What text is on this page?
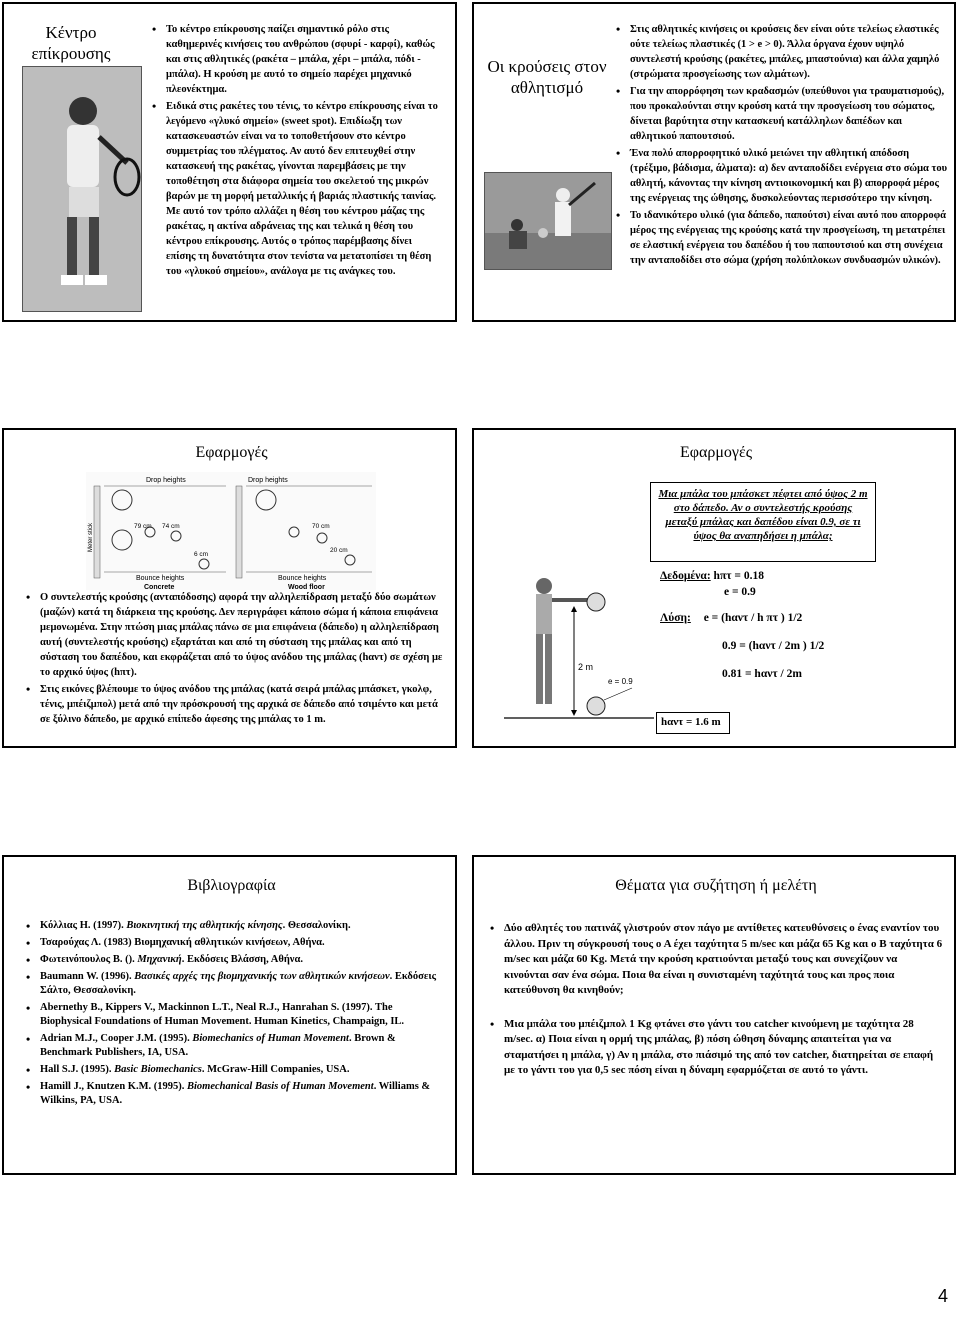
Κέντρο επίκρουσης
• Το κέντρο επίκρουσης παίζει σημαντικό ρόλο στις καθημερινές κινήσεις του ανθρώπου (σφυρί - καρφί), καθώς και στις αθλητικές (ρακέτα – μπάλα, χέρι – μπάλα, πόδι - μπάλα). Η κρούση με αυτό το σημείο παρέχει μηχανικό πλεονέκτημα.
• Ειδικά στις ρακέτες του τένις, το κέντρο επίκρουσης είναι το λεγόμενο «γλυκό σημείο» (sweet spot). Επιδίωξη των κατασκευαστών είναι να το τοποθετήσουν στο κέντρο συμμετρίας του πλέγματος. Αν αυτό δεν επιτευχθεί στην κατασκευή της ρακέτας, γίνονται παρεμβάσεις με την τοποθέτηση στα διάφορα σημεία του σκελετού της μικρών βαρών με τη μορφή μεταλλικής ή βαριάς πλαστικής ταινίας. Με αυτό τον τρόπο αλλάζει η θέση του κέντρου μάζας της ρακέτας, η ακτίνα αδράνειας της και τελικά η θέση του κέντρου επίκρουσης. Αυτός ο τρόπος παρέμβασης δίνει επίσης τη δυνατότητα στον τενίστα να μετατοπίσει τη θέση του «γλυκού σημείου», ανάλογα με τις ανάγκες του.
Οι κρούσεις στον αθλητισμό
• Στις αθλητικές κινήσεις οι κρούσεις δεν είναι ούτε τελείως ελαστικές ούτε τελείως πλαστικές (1 > e > 0). Άλλα όργανα έχουν υψηλό συντελεστή κρούσης (ρακέτες, μπάλες, μπαστούνια) και άλλα χαμηλό (στρώματα προσγείωσης των αλμάτων).
• Για την απορρόφηση των κραδασμών (υπεύθυνοι για τραυματισμούς), που προκαλούνται στην κρούση κατά την προσγείωση του σώματος, δίνεται βαρύτητα στην κατασκευή κατάλληλων δαπέδων και αθλητικού παπουτσιού.
• Ένα πολύ απορροφητικό υλικό μειώνει την αθλητική απόδοση (τρέξιμο, βάδισμα, άλματα): α) δεν ανταποδίδει ενέργεια στο σώμα του αθλητή, κάνοντας την κίνηση αντιοικονομική και β) απορροφά μέρος της ενέργειας της ώθησης, δυσκολεύοντας περισσότερο την κίνηση.
• Το ιδανικότερο υλικό (για δάπεδο, παπούτσι) είναι αυτό που απορροφά μέρος της ενέργειας της κρούσης κατά την προσγείωση, τη μετατρέπει σε ελαστική ενέργεια του δαπέδου ή του παπουτσιού και στη συνέχεια την ανταποδίδει στο σώμα (χρήση πολύπλοκων συνδυασμών υλικών).
Εφαρμογές
Meter stick
Drop heights
79 cm 74 cm
6 cm
Bounce heights
Concrete
Drop heights
70 cm
20 cm
Bounce heights
Wood floor
• Ο συντελεστής κρούσης (ανταπόδοσης) αφορά την αλληλεπίδραση μεταξύ δύο σωμάτων (μαζών) κατά τη διάρκεια της κρούσης. Δεν περιγράφει κάποιο σώμα ή κάποια επιφάνεια μεμονωμένα. Στην πτώση μιας μπάλας πάνω σε μια επιφάνεια (δάπεδο) η αλληλεπίδραση αυτή (συντελεστής κρούσης) εξαρτάται και από τη σύσταση της μπάλας και από τη σύσταση του δαπέδου, και εκφράζεται από το ύψος ανόδου της μπάλας (hαντ) σε σχέση με το αρχικό ύψος (hπτ).
• Στις εικόνες βλέπουμε το ύψος ανόδου της μπάλας (κατά σειρά μπάλας μπάσκετ, γκολφ, τένις, μπέιζμπολ) μετά από την πρόσκρουσή της αρχικά σε δάπεδο από τσιμέντο και μετά σε ξύλινο δάπεδο, με αρχικό επίπεδο άφεσης της μπάλας το 1 m.
Εφαρμογές
Μια μπάλα του μπάσκετ πέφτει από ύψος 2 m στο δάπεδο. Αν ο συντελεστής κρούσης μεταξύ μπάλας και δαπέδου είναι 0.9, σε τι ύψος θα αναπηδήσει η μπάλα;
2 m
e = 0.9
Δεδομένα: hπτ = 0.18
e = 0.9
Λύση: e = (hαντ / h πτ ) 1/2
0.9 = (hαντ / 2m ) 1/2
0.81 = hαντ / 2m
hαντ = 1.6 m
Βιβλιογραφία
• Κόλλιας Η. (1997). Βιοκινητική της αθλητικής κίνησης. Θεσσαλονίκη.
• Τσαρούχας Λ. (1983) Βιομηχανική αθλητικών κινήσεων, Αθήνα.
• Φωτεινόπουλος Β. (). Μηχανική. Εκδόσεις Βλάσση, Αθήνα.
• Baumann W. (1996). Βασικές αρχές της βιομηχανικής των αθλητικών κινήσεων. Εκδόσεις Σάλτο, Θεσσαλονίκη.
• Abernethy B., Kippers V., Mackinnon L.T., Neal R.J., Hanrahan S. (1997). The Biophysical Foundations of Human Movement. Human Kinetics, Champaign, IL.
• Adrian M.J., Cooper J.M. (1995). Biomechanics of Human Movement. Brown & Benchmark Publishers, IA, USA.
• Hall S.J. (1995). Basic Biomechanics. McGraw-Hill Companies, USA.
• Hamill J., Knutzen K.M. (1995). Biomechanical Basis of Human Movement. Williams & Wilkins, PA, USA.
Θέματα για συζήτηση ή μελέτη
• Δύο αθλητές του πατινάζ γλιστρούν στον πάγο με αντίθετες κατευθύνσεις ο ένας εναντίον του άλλου. Πριν τη σύγκρουσή τους ο Α έχει ταχύτητα 5 m/sec και μάζα 65 Kg και ο Β ταχύτητα 6 m/sec και μάζα 60 Kg. Μετά την κρούση κρατιούνται μεταξύ τους και συνεχίζουν να κινούνται σαν ένα σώμα. Ποια θα είναι η συνισταμένη ταχύτητά τους και προς ποια κατεύθυνση θα κινηθούν;
• Μια μπάλα του μπέιζμπολ 1 Kg φτάνει στο γάντι του catcher κινούμενη με ταχύτητα 28 m/sec. α) Ποια είναι η ορμή της μπάλας, β) πόση ώθηση δύναμης απαιτείται για να σταματήσει η μπάλα, γ) Αν η μπάλα, στο πιάσιμό της από τον catcher, διατηρείται σε επαφή με το γάντι του για 0,5 sec πόση είναι η δύναμη εφαρμόζεται σε αυτό το γάντι.
4
